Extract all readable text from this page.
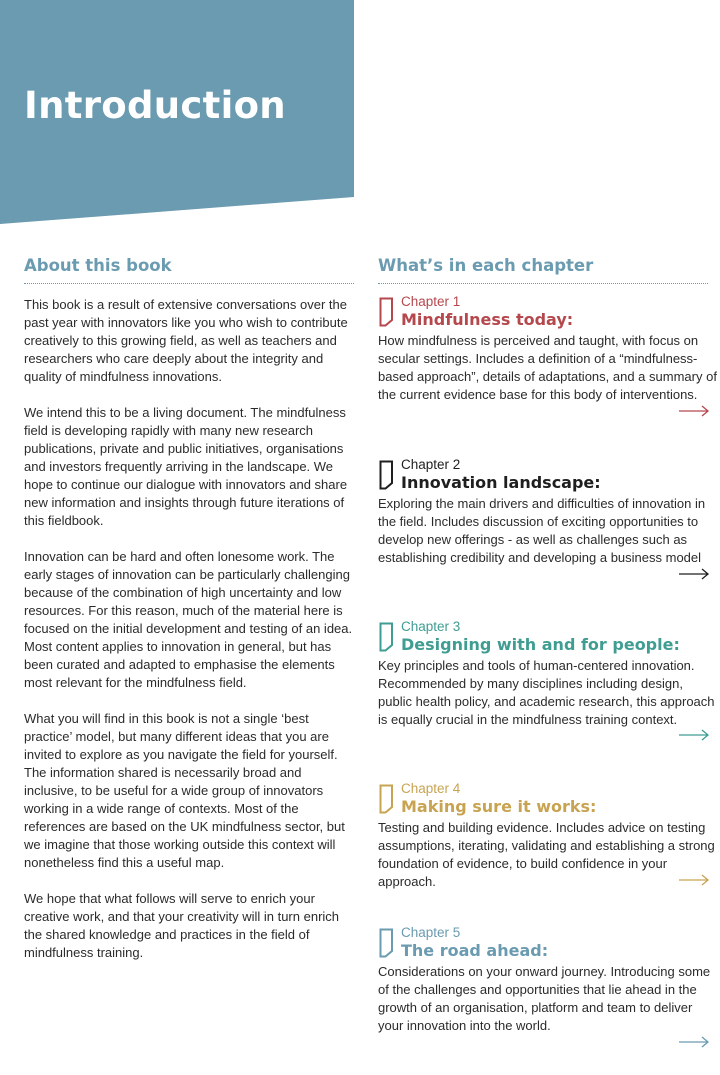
Introduction
About this book

This book is a result of extensive conversations over the past year with innovators like you who wish to contribute creatively to this growing field, as well as teachers and researchers who care deeply about the integrity and quality of mindfulness innovations.

We intend this to be a living document. The mindfulness field is developing rapidly with many new research publications, private and public initiatives, organisations and investors frequently arriving in the landscape. We hope to continue our dialogue with innovators and share new information and insights through future iterations of this fieldbook.

Innovation can be hard and often lonesome work. The early stages of innovation can be particularly challenging because of the combination of high uncertainty and low resources. For this reason, much of the material here is focused on the initial development and testing of an idea. Most content applies to innovation in general, but has been curated and adapted to emphasise the elements most relevant for the mindfulness field.

What you will find in this book is not a single ‘best practice’ model, but many different ideas that you are invited to explore as you navigate the field for yourself. The information shared is necessarily broad and inclusive, to be useful for a wide group of innovators working in a wide range of contexts. Most of the references are based on the UK mindfulness sector, but we imagine that those working outside this context will nonetheless find this a useful map.

We hope that what follows will serve to enrich your creative work, and that your creativity will in turn enrich the shared knowledge and practices in the field of mindfulness training.

What’s in each chapter

Chapter 1

Mindfulness today:

How mindfulness is perceived and taught, with focus on secular settings. Includes a definition of a “mindfulness-based approach”, details of adaptations, and a summary of the current evidence base for this body of interventions.

Chapter 2

Innovation landscape:

Exploring the main drivers and difficulties of innovation in the field. Includes discussion of exciting opportunities to develop new offerings - as well as challenges such as establishing credibility and developing a business model

Chapter 3

Designing with and for people:

Key principles and tools of human-centered innovation. Recommended by many disciplines including design, public health policy, and academic research, this approach is equally crucial in the mindfulness training context.

Chapter 4

Making sure it works:

Testing and building evidence. Includes advice on testing assumptions, iterating, validating and establishing a strong foundation of evidence, to build confidence in your approach.

Chapter 5

The road ahead:

Considerations on your onward journey. Introducing some of the challenges and opportunities that lie ahead in the growth of an organisation, platform and team to deliver your innovation into the world.
